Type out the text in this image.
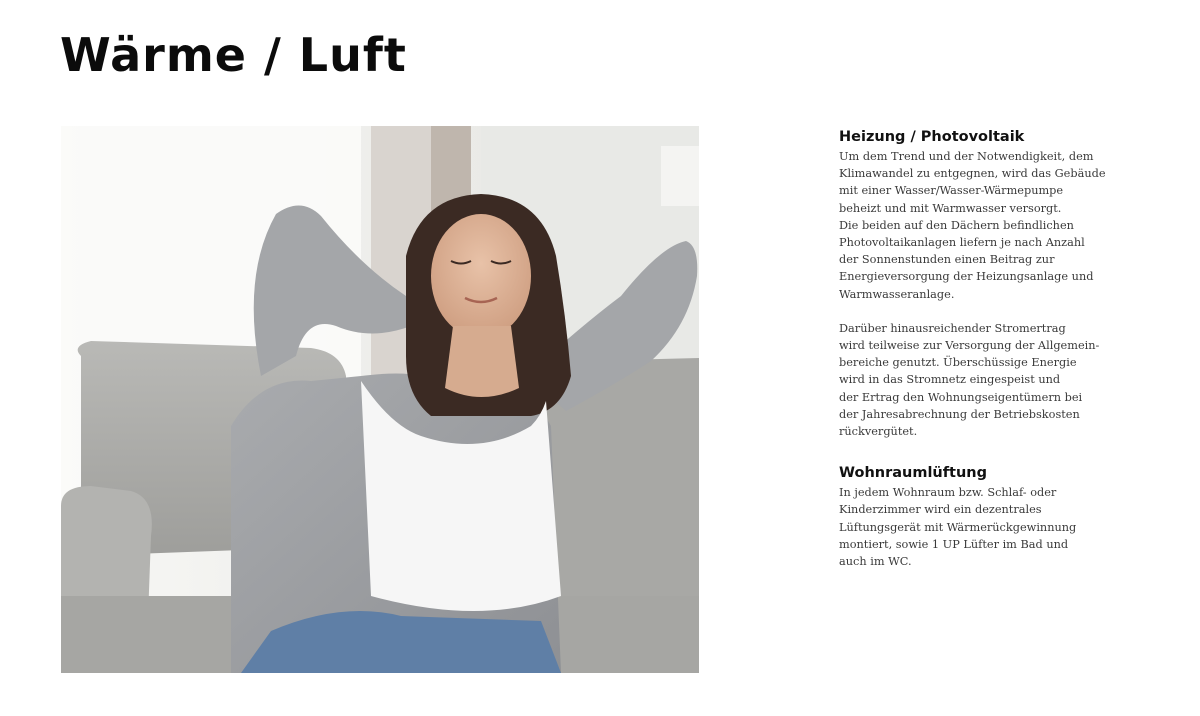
Wärme / Luft
Heizung / Photovoltaik

Um dem Trend und der Notwendigkeit, dem
Klimawandel zu entgegnen, wird das Gebäude
mit einer Wasser/Wasser-Wärmepumpe
beheizt und mit Warmwasser versorgt.
Die beiden auf den Dächern befindlichen
Photovoltaikanlagen liefern je nach Anzahl
der Sonnenstunden einen Beitrag zur
Energieversorgung der Heizungsanlage und
Warmwasseranlage.

Darüber hinausreichender Stromertrag
wird teilweise zur Versorgung der Allgemein-
bereiche genutzt. Überschüssige Energie
wird in das Stromnetz eingespeist und
der Ertrag den Wohnungseigentümern bei
der Jahresabrechnung der Betriebskosten
rückvergütet.

Wohnraumlüftung

In jedem Wohnraum bzw. Schlaf- oder
Kinderzimmer wird ein dezentrales
Lüftungsgerät mit Wärmerückgewinnung
montiert, sowie 1 UP Lüfter im Bad und
auch im WC.
